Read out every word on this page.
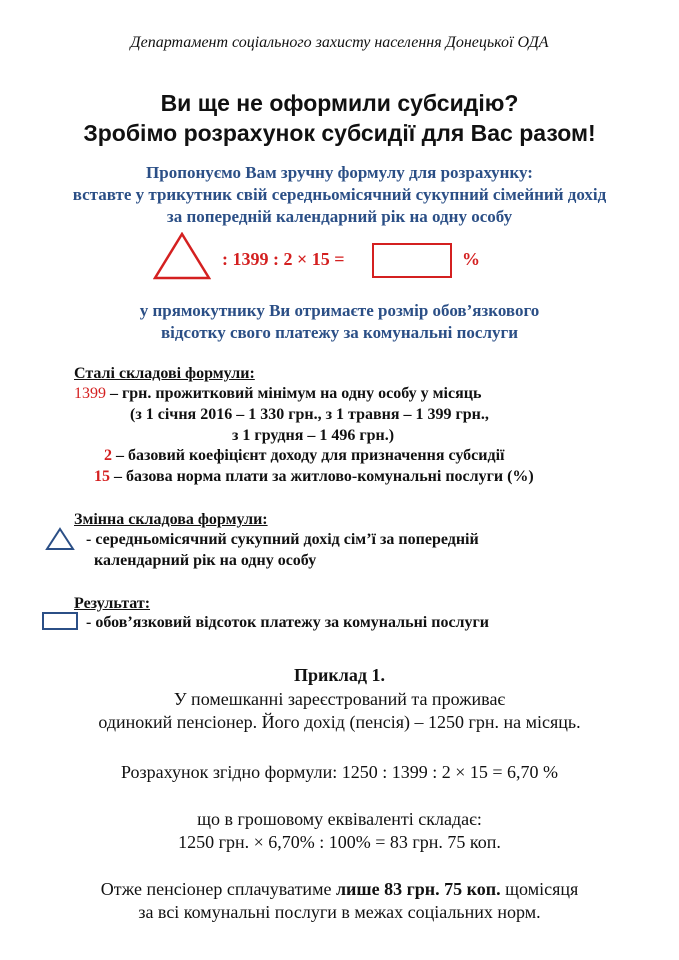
Департамент соціального захисту населення Донецької ОДА
Ви ще не оформили субсидію?
Зробімо розрахунок субсидії для Вас разом!
Пропонуємо Вам зручну формулу для розрахунку:
вставте у трикутник свій середньомісячний сукупний сімейний дохід
за попередній календарний рік на одну особу
: 1399 : 2 × 15 =	%
у прямокутнику Ви отримаєте розмір обов’язкового
відсотку свого платежу за комунальні послуги
Сталі складові формули:
1399 – грн. прожитковий мінімум на одну особу у місяць
(з 1 січня 2016 – 1 330 грн., з 1 травня – 1 399 грн.,
з 1 грудня – 1 496 грн.)
2 – базовий коефіцієнт доходу для призначення субсидії
15 – базова норма плати за житлово-комунальні послуги (%)
Змінна складова формули:
- середньомісячний сукупний дохід сім’ї за попередній
календарний рік на одну особу
Результат:
- обов’язковий відсоток платежу за комунальні послуги
Приклад 1.
У помешканні зареєстрований та проживає
одинокий пенсіонер. Його дохід (пенсія) – 1250 грн. на місяць.
Розрахунок згідно формули: 1250 : 1399 : 2 × 15 = 6,70 %
що в грошовому еквіваленті складає:
1250 грн. × 6,70% : 100% = 83 грн. 75 коп.
Отже пенсіонер сплачуватиме лише 83 грн. 75 коп. щомісяця
за всі комунальні послуги в межах соціальних норм.
